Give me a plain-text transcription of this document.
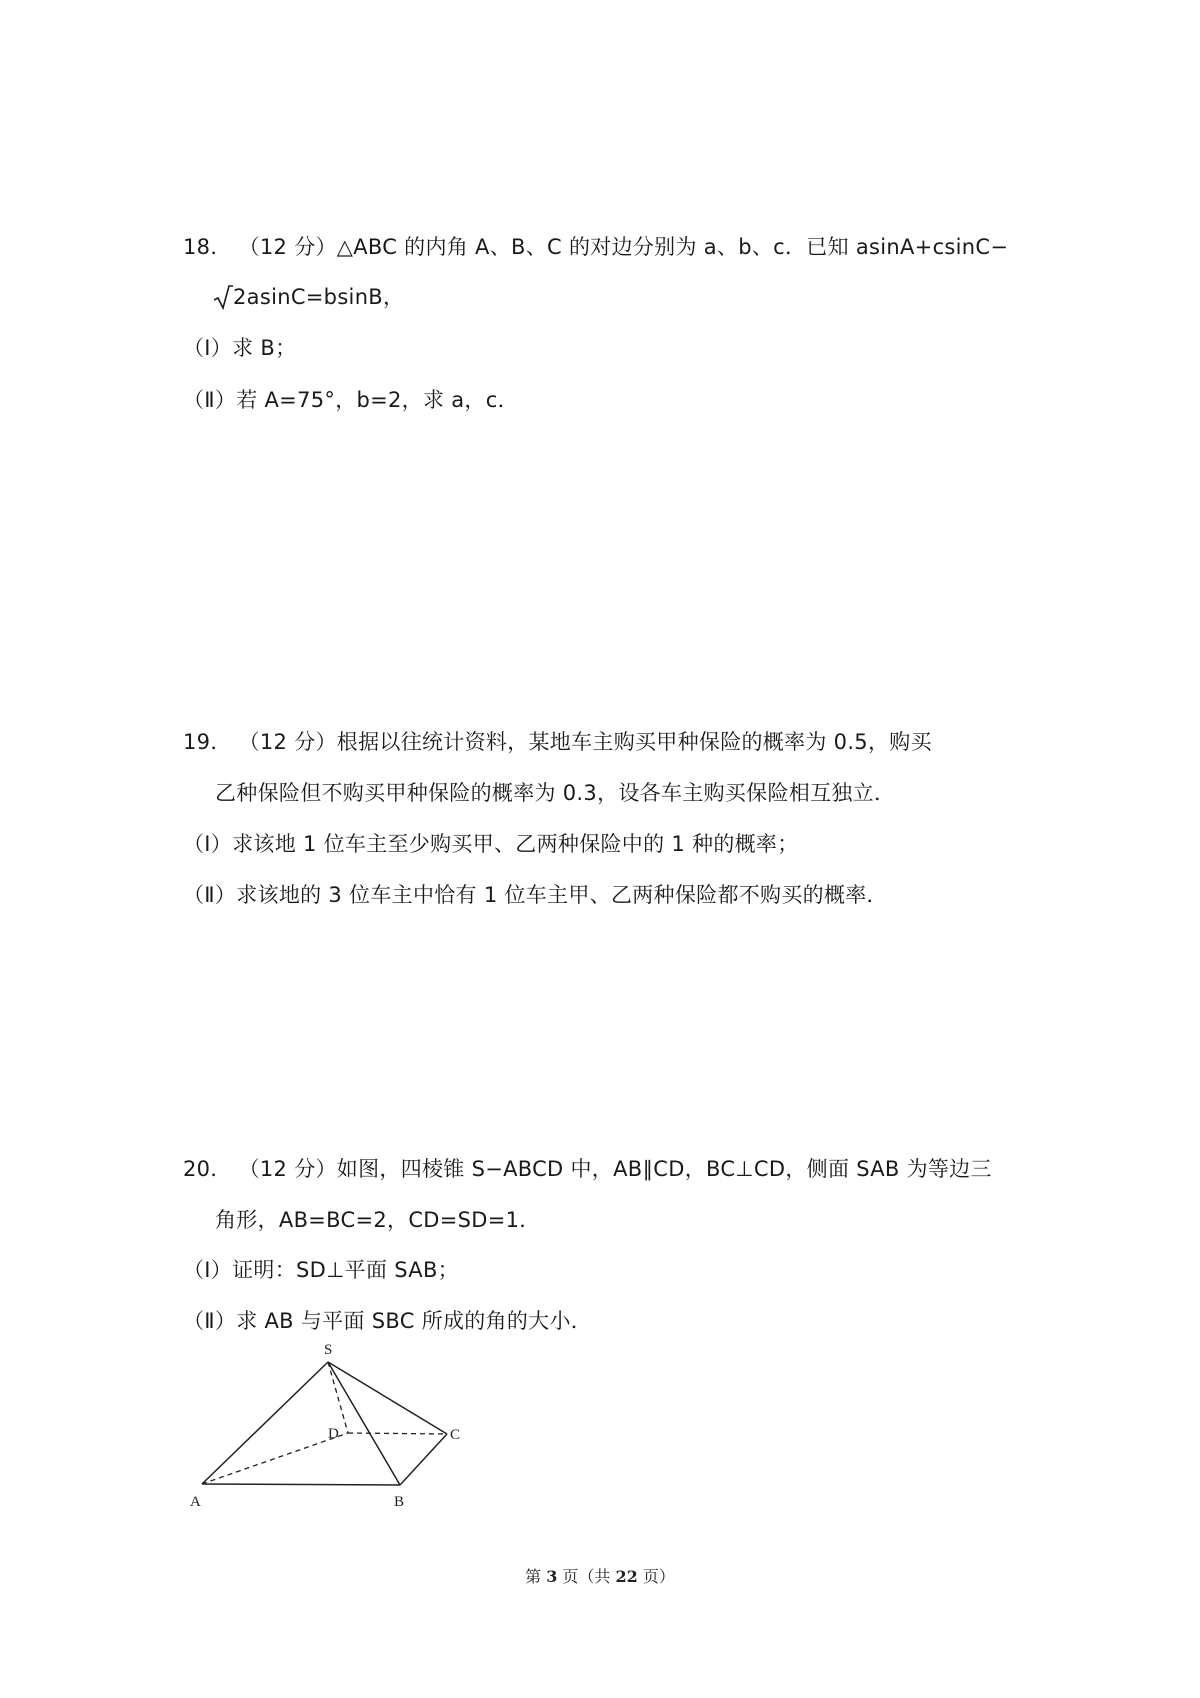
18． （12 分）△ABC 的内角 A、B、C 的对边分别为 a、b、c．已知 asinA+csinC−
2asinC=bsinB，
（Ⅰ）求 B；
（Ⅱ）若 A=75°，b=2，求 a，c．
19． （12 分）根据以往统计资料，某地车主购买甲种保险的概率为 0.5，购买
乙种保险但不购买甲种保险的概率为 0.3，设各车主购买保险相互独立．
（Ⅰ）求该地 1 位车主至少购买甲、乙两种保险中的 1 种的概率；
（Ⅱ）求该地的 3 位车主中恰有 1 位车主甲、乙两种保险都不购买的概率．
20． （12 分）如图，四棱锥 S−ABCD 中，AB∥CD，BC⊥CD，侧面 SAB 为等边三
角形，AB=BC=2，CD=SD=1．
（Ⅰ）证明：SD⊥平面 SAB；
（Ⅱ）求 AB 与平面 SBC 所成的角的大小．
S
D	C
A	B
第 3 页（共 22 页）
